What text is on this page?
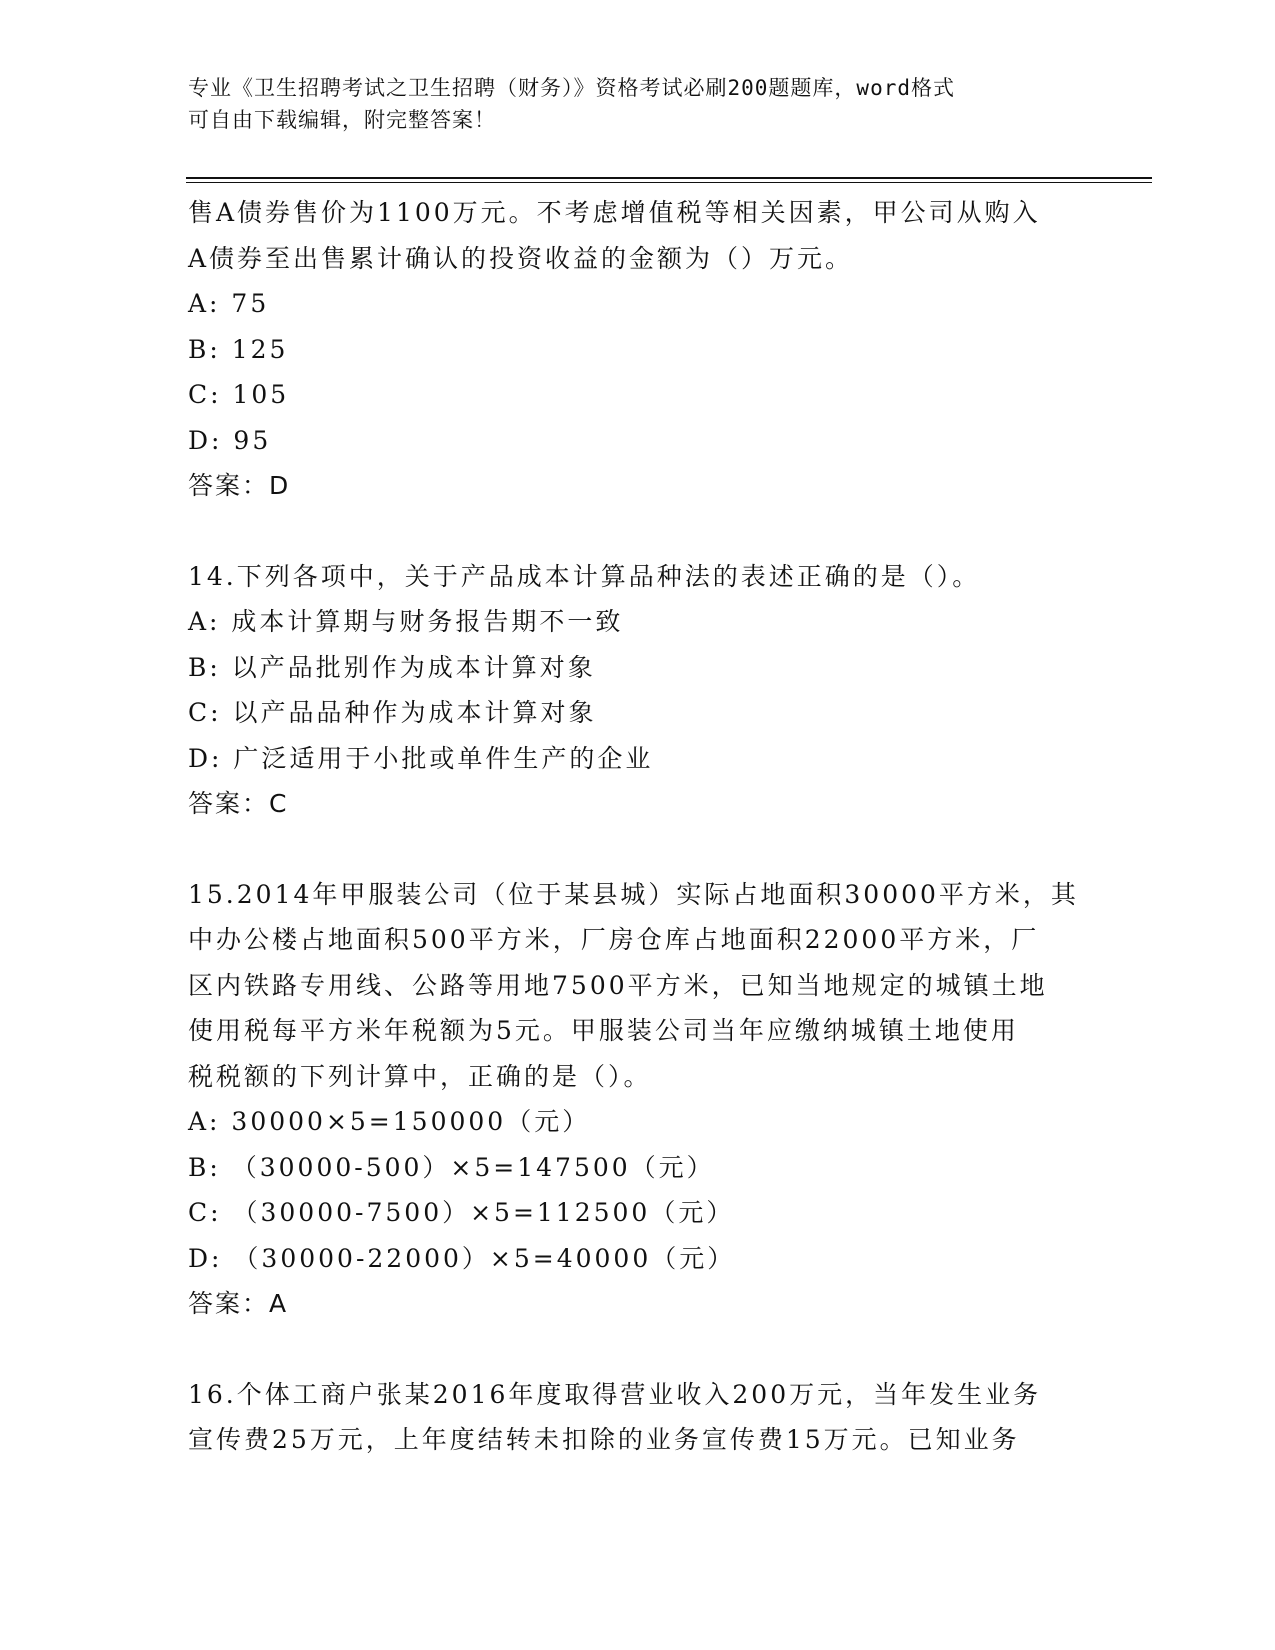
专业《卫生招聘考试之卫生招聘（财务）》资格考试必刷200题题库，word格式
可自由下载编辑，附完整答案！
售A债券售价为1100万元。不考虑增值税等相关因素，甲公司从购入
A债券至出售累计确认的投资收益的金额为（）万元。
A: 75
B: 125
C: 105
D: 95
答案：D
14.下列各项中，关于产品成本计算品种法的表述正确的是（）。
A: 成本计算期与财务报告期不一致
B: 以产品批别作为成本计算对象
C: 以产品品种作为成本计算对象
D: 广泛适用于小批或单件生产的企业
答案：C
15.2014年甲服装公司（位于某县城）实际占地面积30000平方米，其
中办公楼占地面积500平方米，厂房仓库占地面积22000平方米，厂
区内铁路专用线、公路等用地7500平方米，已知当地规定的城镇土地
使用税每平方米年税额为5元。甲服装公司当年应缴纳城镇土地使用
税税额的下列计算中，正确的是（）。
A: 30000×5=150000（元）
B: （30000-500）×5=147500（元）
C: （30000-7500）×5=112500（元）
D: （30000-22000）×5=40000（元）
答案：A
16.个体工商户张某2016年度取得营业收入200万元，当年发生业务
宣传费25万元，上年度结转未扣除的业务宣传费15万元。已知业务
